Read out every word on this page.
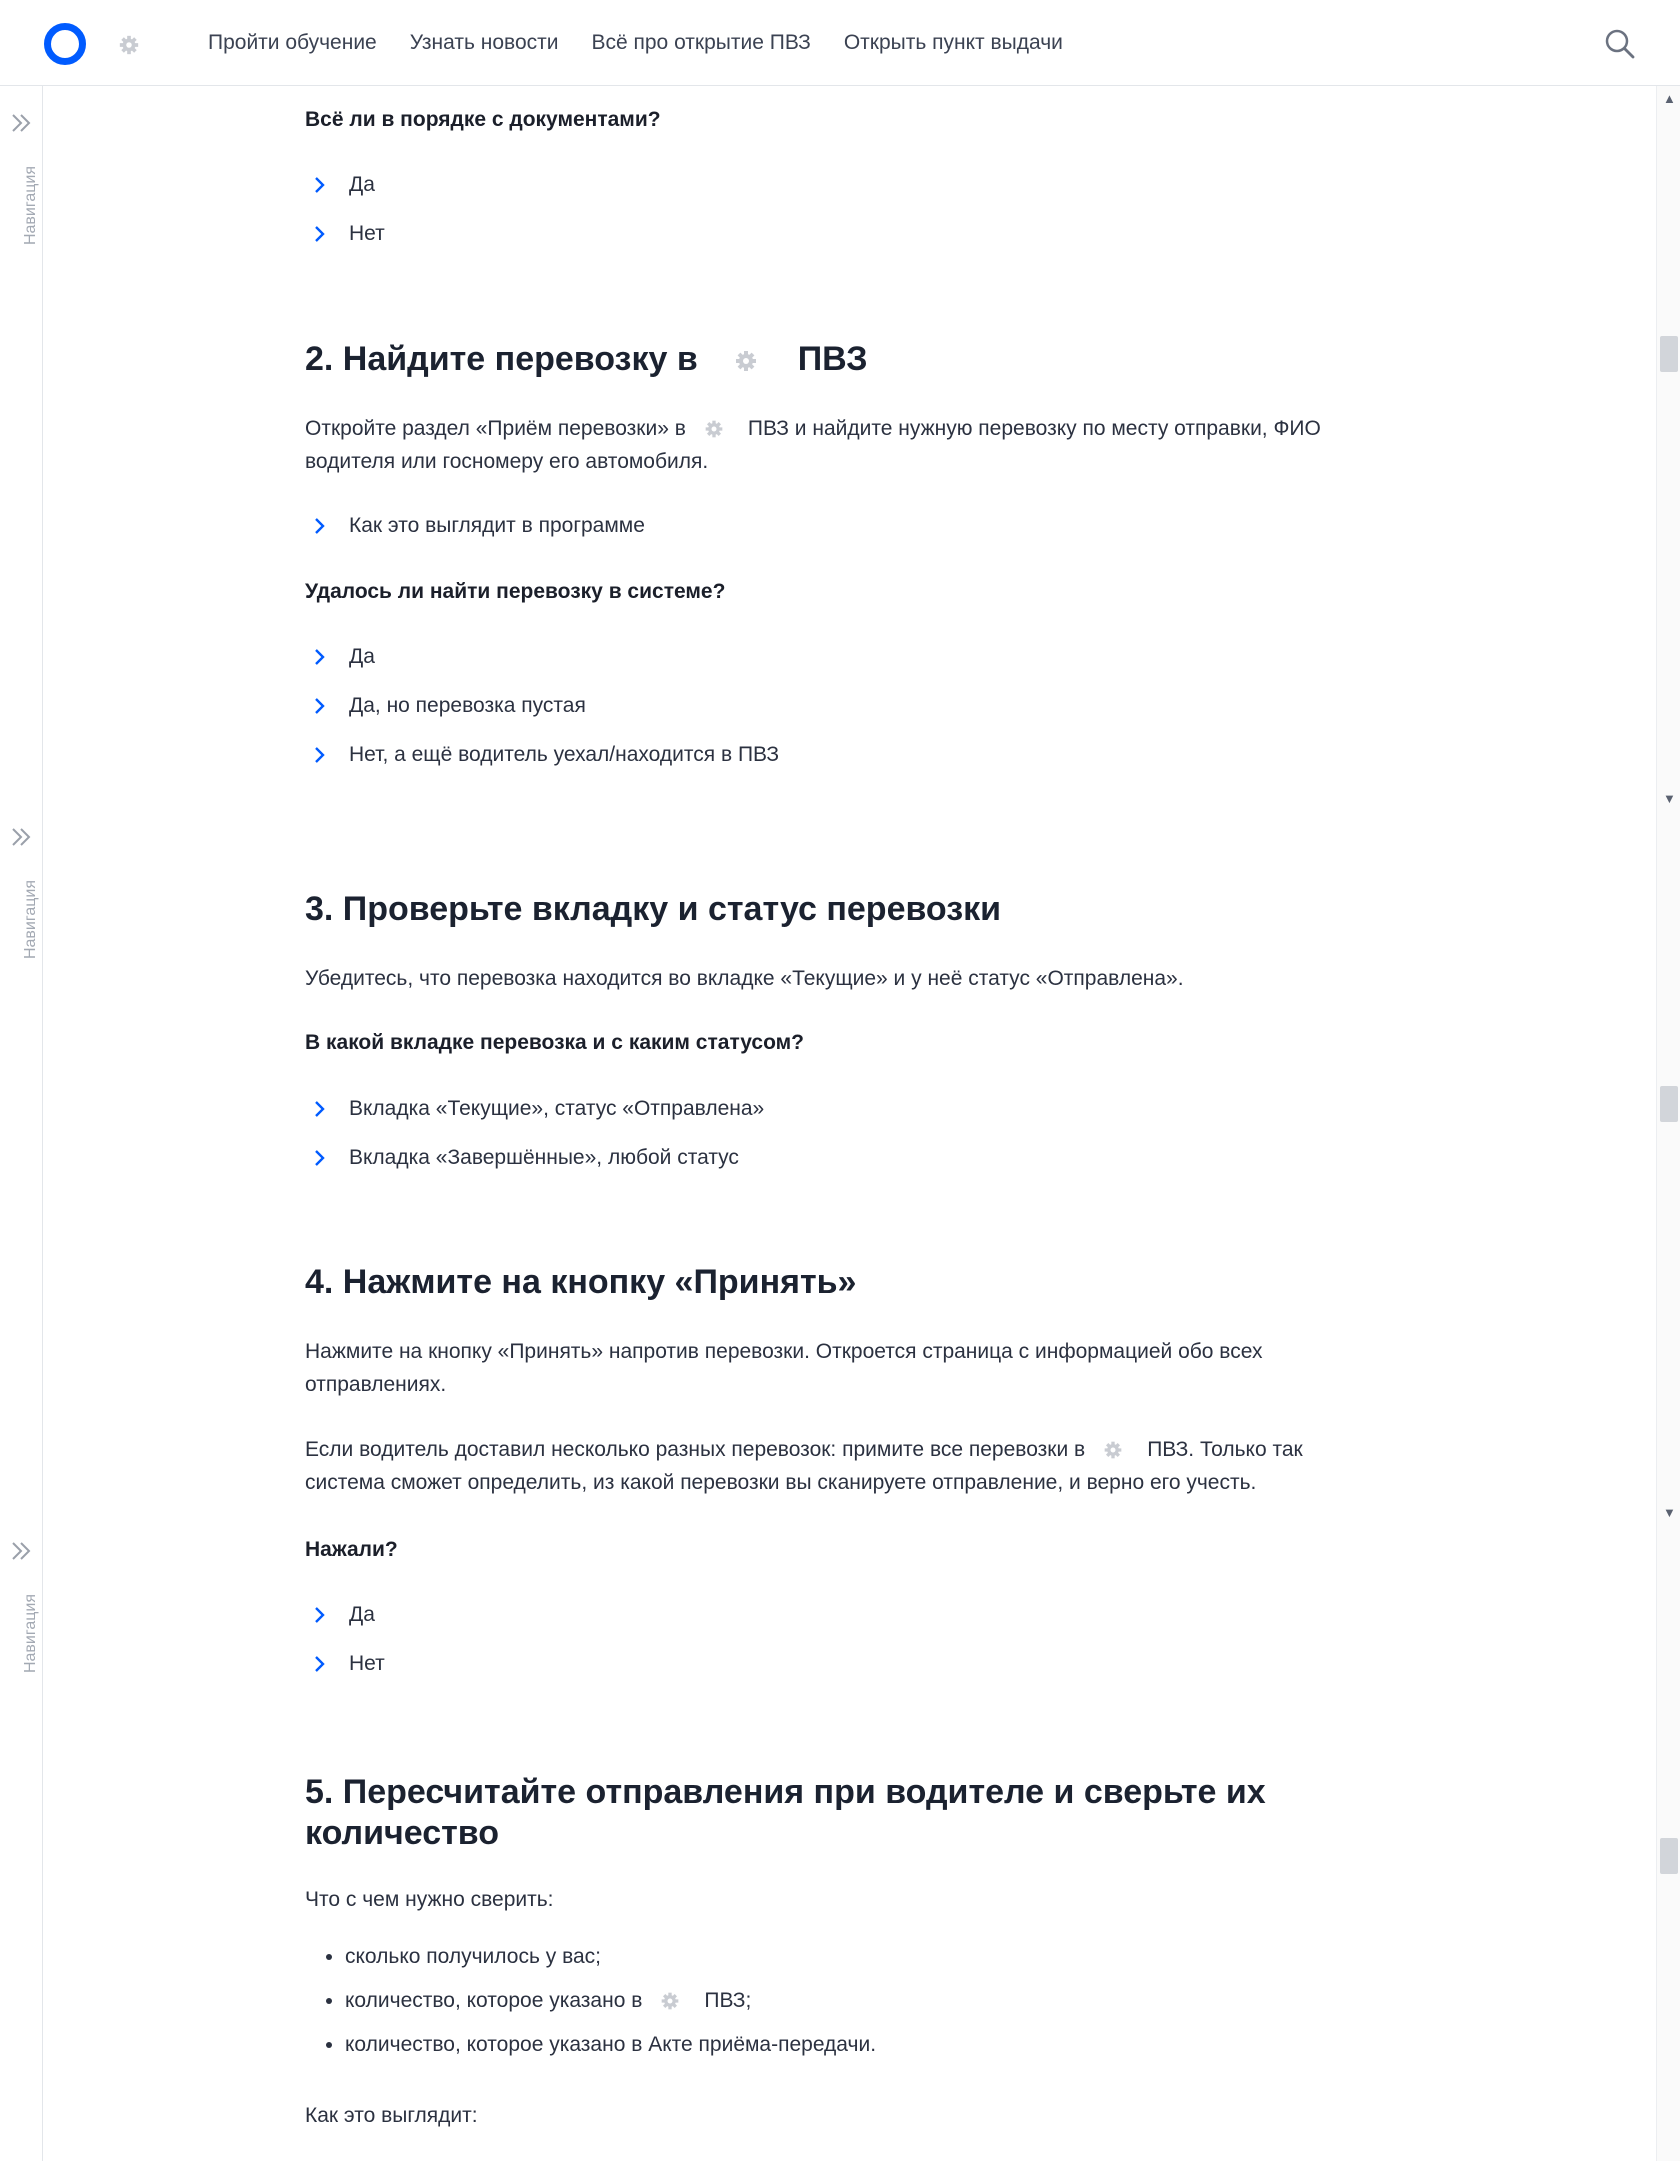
Пройти обучение Узнать новости Всё про открытие ПВЗ Открыть пункт выдачи
Навигация
Навигация
Навигация
▲
▼
▼
Всё ли в порядке с документами?
Да
Нет
2. Найдите перевозку в	ПВЗ
Откройте раздел «Приём перевозки» в	ПВЗ и найдите нужную перевозку по месту отправки, ФИО водителя или госномеру его автомобиля.
Как это выглядит в программе
Удалось ли найти перевозку в системе?
Да
Да, но перевозка пустая
Нет, а ещё водитель уехал/находится в ПВЗ
3. Проверьте вкладку и статус перевозки
Убедитесь, что перевозка находится во вкладке «Текущие» и у неё статус «Отправлена».
В какой вкладке перевозка и с каким статусом?
Вкладка «Текущие», статус «Отправлена»
Вкладка «Завершённые», любой статус
4. Нажмите на кнопку «Принять»
Нажмите на кнопку «Принять» напротив перевозки. Откроется страница с информацией обо всех отправлениях.
Если водитель доставил несколько разных перевозок: примите все перевозки в	ПВЗ. Только так система сможет определить, из какой перевозки вы сканируете отправление, и верно его учесть.
Нажали?
Да
Нет
5. Пересчитайте отправления при водителе и сверьте их количество
Что с чем нужно сверить:
• сколько получилось у вас;
• количество, которое указано в	ПВЗ;
• количество, которое указано в Акте приёма-передачи.
Как это выглядит:
